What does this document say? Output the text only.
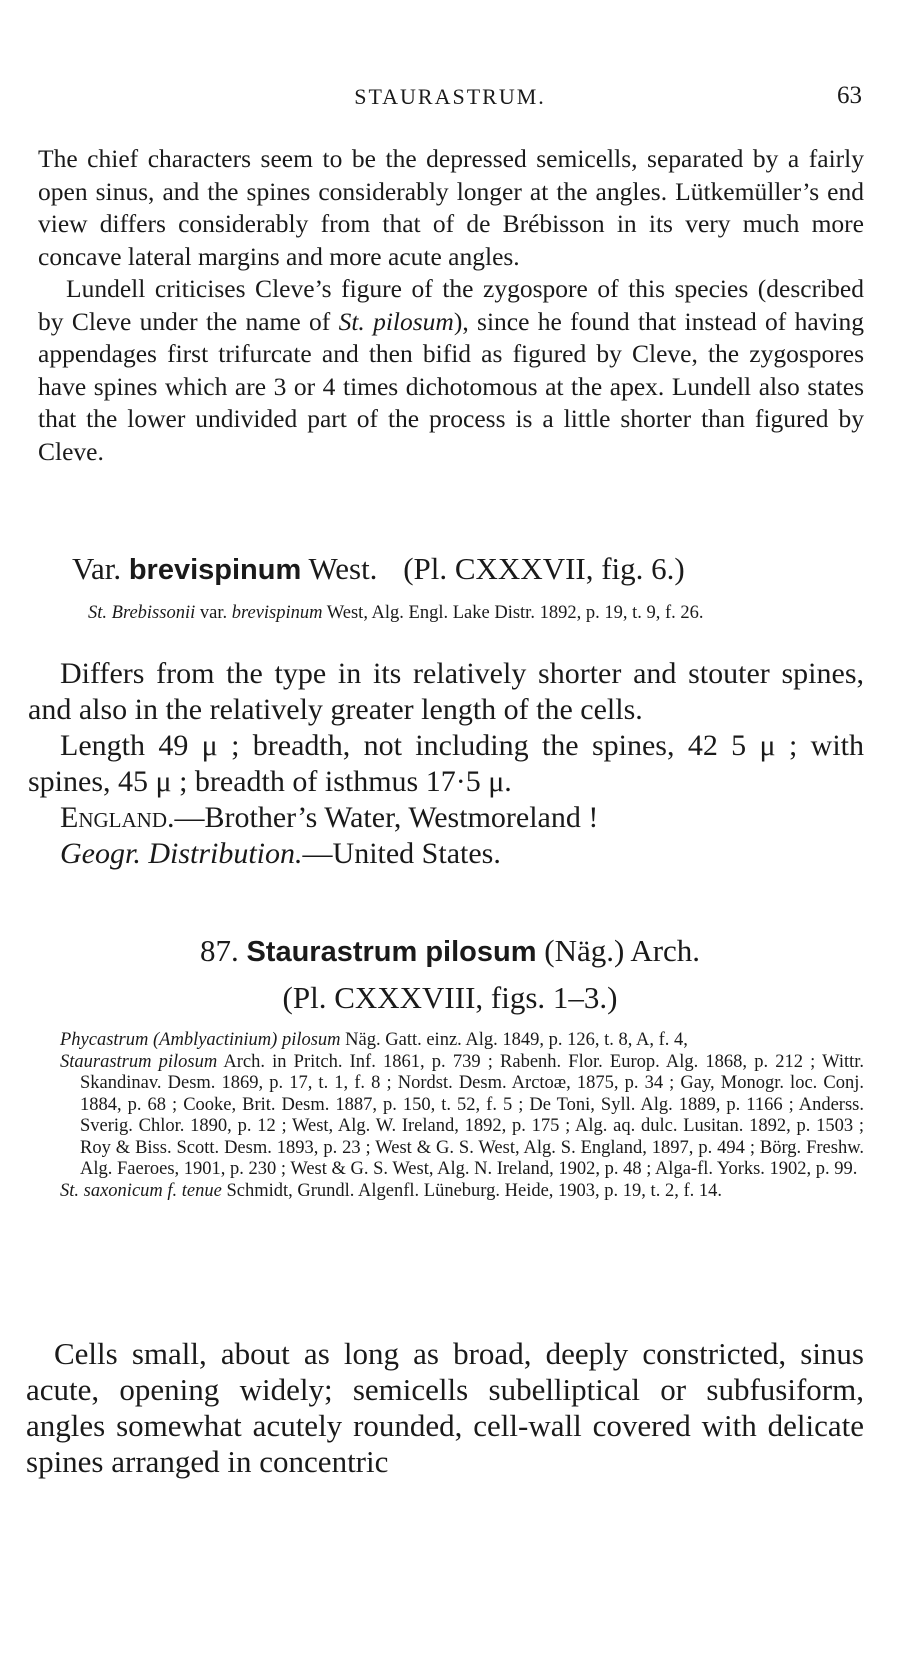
STAURASTRUM.	63

The chief characters seem to be the depressed semicells, separated by a fairly open sinus, and the spines considerably longer at the angles. Lütkemüller’s end view differs considerably from that of de Brébisson in its very much more concave lateral margins and more acute angles.

Lundell criticises Cleve’s figure of the zygospore of this species (described by Cleve under the name of St. pilosum), since he found that instead of having appendages first trifurcate and then bifid as figured by Cleve, the zygospores have spines which are 3 or 4 times dichotomous at the apex. Lundell also states that the lower undivided part of the process is a little shorter than figured by Cleve.

Var. brevispinum West. (Pl. CXXXVII, fig. 6.)
St. Brebissonii var. brevispinum West, Alg. Engl. Lake Distr. 1892, p. 19, t. 9, f. 26.

Differs from the type in its relatively shorter and stouter spines, and also in the relatively greater length of the cells.

Length 49 μ ; breadth, not including the spines, 42 5 μ ; with spines, 45 μ ; breadth of isthmus 17·5 μ.

England.—Brother’s Water, Westmoreland !

Geogr. Distribution.—United States.

87. Staurastrum pilosum (Näg.) Arch.
(Pl. CXXXVIII, figs. 1–3.)

Phycastrum (Amblyactinium) pilosum Näg. Gatt. einz. Alg. 1849, p. 126, t. 8, A, f. 4,

Staurastrum pilosum Arch. in Pritch. Inf. 1861, p. 739 ; Rabenh. Flor. Europ. Alg. 1868, p. 212 ; Wittr. Skandinav. Desm. 1869, p. 17, t. 1, f. 8 ; Nordst. Desm. Arctoæ, 1875, p. 34 ; Gay, Monogr. loc. Conj. 1884, p. 68 ; Cooke, Brit. Desm. 1887, p. 150, t. 52, f. 5 ; De Toni, Syll. Alg. 1889, p. 1166 ; Anderss. Sverig. Chlor. 1890, p. 12 ; West, Alg. W. Ireland, 1892, p. 175 ; Alg. aq. dulc. Lusitan. 1892, p. 1503 ; Roy & Biss. Scott. Desm. 1893, p. 23 ; West & G. S. West, Alg. S. England, 1897, p. 494 ; Börg. Freshw. Alg. Faeroes, 1901, p. 230 ; West & G. S. West, Alg. N. Ireland, 1902, p. 48 ; Alga-fl. Yorks. 1902, p. 99.

St. saxonicum f. tenue Schmidt, Grundl. Algenfl. Lüneburg. Heide, 1903, p. 19, t. 2, f. 14.

Cells small, about as long as broad, deeply constricted, sinus acute, opening widely; semicells subelliptical or subfusiform, angles somewhat acutely rounded, cell-wall covered with delicate spines arranged in concentric
